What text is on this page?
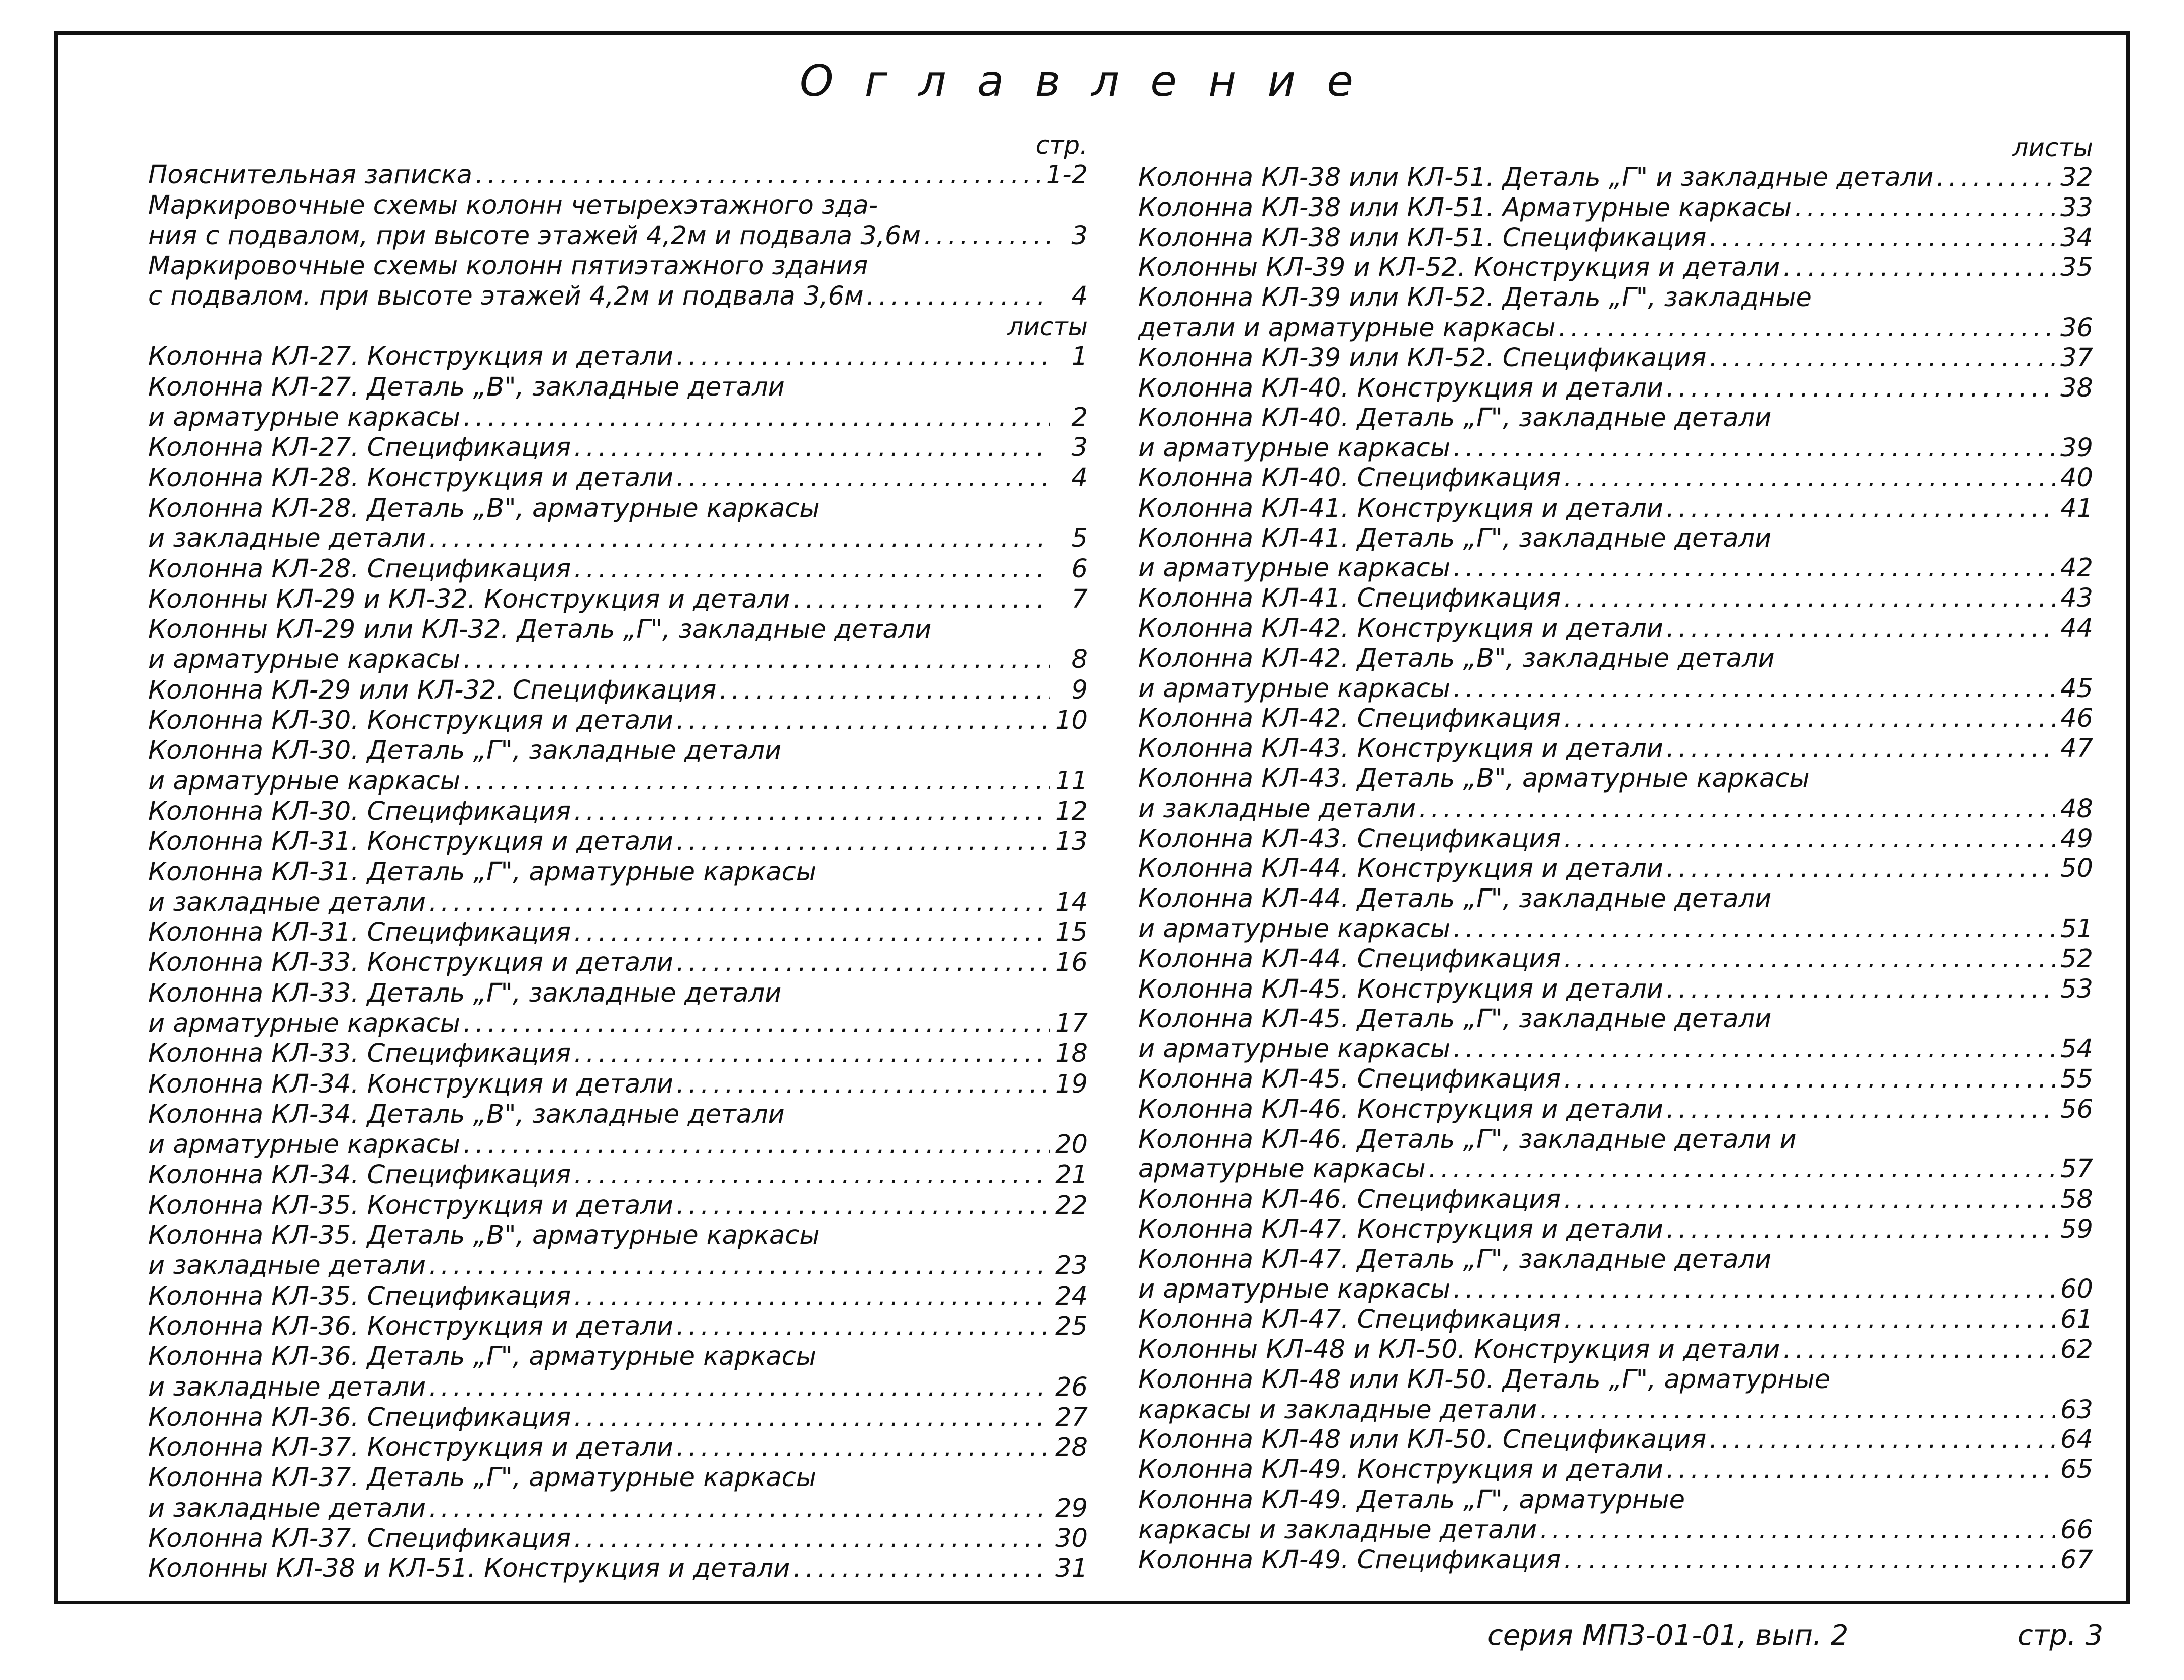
Оглавление
стр.
Пояснительная записка .....	1-2
Маркировочные схемы колонн четырехэтажного зда-
ния с подвалом, при высоте этажей 4,2м и подвала 3,6м .....	3
Маркировочные схемы колонн пятиэтажного здания
с подвалом. при высоте этажей 4,2м и подвала 3,6м .....	4
листы
Колонна КЛ-27. Конструкция и детали .....	1
Колонна КЛ-27. Деталь „В", закладные детали
и арматурные каркасы .....	2
Колонна КЛ-27. Спецификация .....	3
Колонна КЛ-28. Конструкция и детали .....	4
Колонна КЛ-28. Деталь „В", арматурные каркасы
и закладные детали .....	5
Колонна КЛ-28. Спецификация .....	6
Колонны КЛ-29 и КЛ-32. Конструкция и детали .....	7
Колонны КЛ-29 или КЛ-32. Деталь „Г", закладные детали
и арматурные каркасы .....	8
Колонна КЛ-29 или КЛ-32. Спецификация .....	9
Колонна КЛ-30. Конструкция и детали .....	10
Колонна КЛ-30. Деталь „Г", закладные детали
и арматурные каркасы .....	11
Колонна КЛ-30. Спецификация .....	12
Колонна КЛ-31. Конструкция и детали .....	13
Колонна КЛ-31. Деталь „Г", арматурные каркасы
и закладные детали .....	14
Колонна КЛ-31. Спецификация .....	15
Колонна КЛ-33. Конструкция и детали .....	16
Колонна КЛ-33. Деталь „Г", закладные детали
и арматурные каркасы .....	17
Колонна КЛ-33. Спецификация .....	18
Колонна КЛ-34. Конструкция и детали .....	19
Колонна КЛ-34. Деталь „В", закладные детали
и арматурные каркасы .....	20
Колонна КЛ-34. Спецификация .....	21
Колонна КЛ-35. Конструкция и детали .....	22
Колонна КЛ-35. Деталь „В", арматурные каркасы
и закладные детали .....	23
Колонна КЛ-35. Спецификация .....	24
Колонна КЛ-36. Конструкция и детали .....	25
Колонна КЛ-36. Деталь „Г", арматурные каркасы
и закладные детали .....	26
Колонна КЛ-36. Спецификация .....	27
Колонна КЛ-37. Конструкция и детали .....	28
Колонна КЛ-37. Деталь „Г", арматурные каркасы
и закладные детали .....	29
Колонна КЛ-37. Спецификация .....	30
Колонны КЛ-38 и КЛ-51. Конструкция и детали .....	31
листы
Колонна КЛ-38 или КЛ-51. Деталь „Г" и закладные детали .....	32
Колонна КЛ-38 или КЛ-51. Арматурные каркасы .....	33
Колонна КЛ-38 или КЛ-51. Спецификация .....	34
Колонны КЛ-39 и КЛ-52. Конструкция и детали .....	35
Колонна КЛ-39 или КЛ-52. Деталь „Г", закладные
детали и арматурные каркасы .....	36
Колонна КЛ-39 или КЛ-52. Спецификация .....	37
Колонна КЛ-40. Конструкция и детали .....	38
Колонна КЛ-40. Деталь „Г", закладные детали
и арматурные каркасы .....	39
Колонна КЛ-40. Спецификация .....	40
Колонна КЛ-41. Конструкция и детали .....	41
Колонна КЛ-41. Деталь „Г", закладные детали
и арматурные каркасы .....	42
Колонна КЛ-41. Спецификация .....	43
Колонна КЛ-42. Конструкция и детали .....	44
Колонна КЛ-42. Деталь „В", закладные детали
и арматурные каркасы .....	45
Колонна КЛ-42. Спецификация .....	46
Колонна КЛ-43. Конструкция и детали .....	47
Колонна КЛ-43. Деталь „В", арматурные каркасы
и закладные детали .....	48
Колонна КЛ-43. Спецификация .....	49
Колонна КЛ-44. Конструкция и детали .....	50
Колонна КЛ-44. Деталь „Г", закладные детали
и арматурные каркасы .....	51
Колонна КЛ-44. Спецификация .....	52
Колонна КЛ-45. Конструкция и детали .....	53
Колонна КЛ-45. Деталь „Г", закладные детали
и арматурные каркасы .....	54
Колонна КЛ-45. Спецификация .....	55
Колонна КЛ-46. Конструкция и детали .....	56
Колонна КЛ-46. Деталь „Г", закладные детали и
арматурные каркасы .....	57
Колонна КЛ-46. Спецификация .....	58
Колонна КЛ-47. Конструкция и детали .....	59
Колонна КЛ-47. Деталь „Г", закладные детали
и арматурные каркасы .....	60
Колонна КЛ-47. Спецификация .....	61
Колонны КЛ-48 и КЛ-50. Конструкция и детали .....	62
Колонна КЛ-48 или КЛ-50. Деталь „Г", арматурные
каркасы и закладные детали .....	63
Колонна КЛ-48 или КЛ-50. Спецификация .....	64
Колонна КЛ-49. Конструкция и детали .....	65
Колонна КЛ-49. Деталь „Г", арматурные
каркасы и закладные детали .....	66
Колонна КЛ-49. Спецификация .....	67
серия МП3-01-01, вып. 2	стр. 3
